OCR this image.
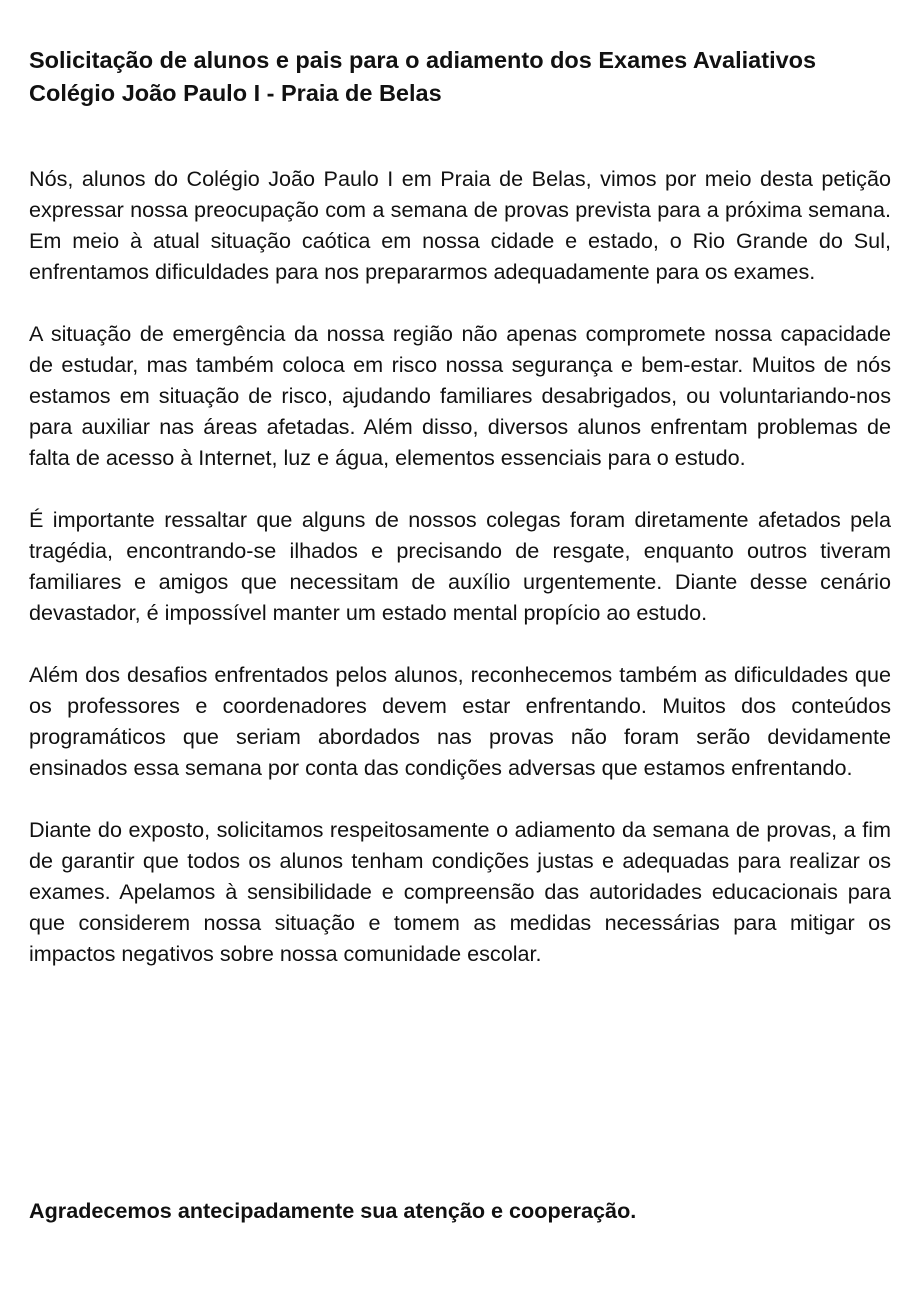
Solicitação de alunos e pais para o adiamento dos Exames Avaliativos
Colégio João Paulo I - Praia de Belas

Nós, alunos do Colégio João Paulo I em Praia de Belas, vimos por meio desta petição expressar nossa preocupação com a semana de provas prevista para a próxima semana. Em meio à atual situação caótica em nossa cidade e estado, o Rio Grande do Sul, enfrentamos dificuldades para nos prepararmos adequadamente para os exames.

A situação de emergência da nossa região não apenas compromete nossa capacidade de estudar, mas também coloca em risco nossa segurança e bem-estar. Muitos de nós estamos em situação de risco, ajudando familiares desabrigados, ou voluntariando-nos para auxiliar nas áreas afetadas. Além disso, diversos alunos enfrentam problemas de falta de acesso à Internet, luz e água, elementos essenciais para o estudo.

É importante ressaltar que alguns de nossos colegas foram diretamente afetados pela tragédia, encontrando-se ilhados e precisando de resgate, enquanto outros tiveram familiares e amigos que necessitam de auxílio urgentemente. Diante desse cenário devastador, é impossível manter um estado mental propício ao estudo.

Além dos desafios enfrentados pelos alunos, reconhecemos também as dificuldades que os professores e coordenadores devem estar enfrentando. Muitos dos conteúdos programáticos que seriam abordados nas provas não foram serão devidamente ensinados essa semana por conta das condições adversas que estamos enfrentando.

Diante do exposto, solicitamos respeitosamente o adiamento da semana de provas, a fim de garantir que todos os alunos tenham condições justas e adequadas para realizar os exames. Apelamos à sensibilidade e compreensão das autoridades educacionais para que considerem nossa situação e tomem as medidas necessárias para mitigar os impactos negativos sobre nossa comunidade escolar.

Agradecemos antecipadamente sua atenção e cooperação.
